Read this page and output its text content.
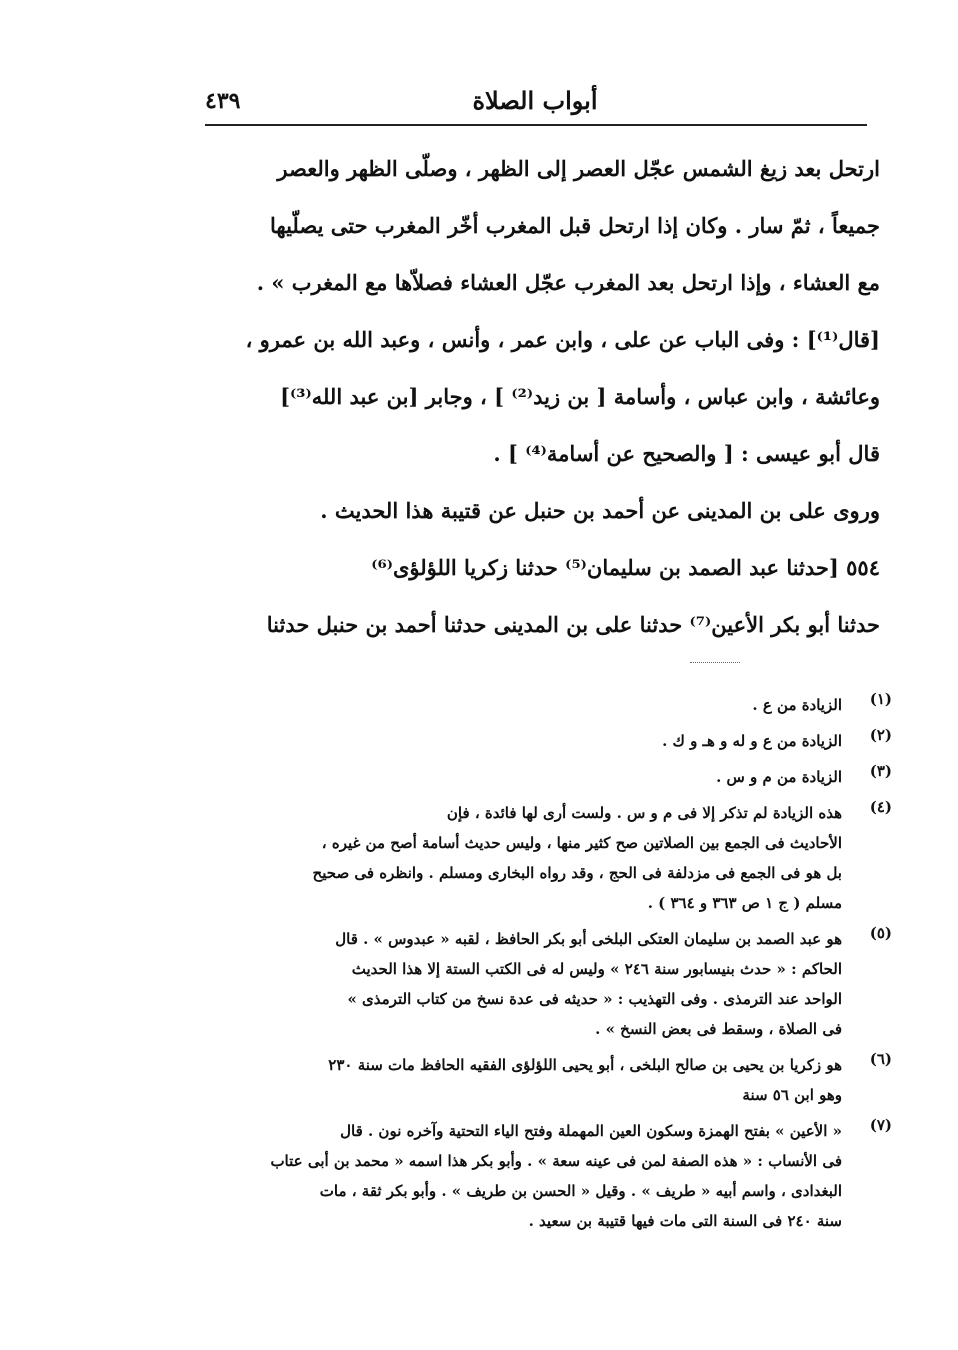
أبواب الصلاة
٤٣٩
ارتحل بعد زيغ الشمس عجّل العصر إلى الظهر ، وصلّى الظهر والعصر
جميعاً ، ثمّ سار . وكان إذا ارتحل قبل المغرب أخّر المغرب حتى يصلّيها
مع العشاء ، وإذا ارتحل بعد المغرب عجّل العشاء فصلاّها مع المغرب » .
[قال⁽¹⁾] : وفى الباب عن على ، وابن عمر ، وأنس ، وعبد الله بن عمرو ،
وعائشة ، وابن عباس ، وأسامة [ بن زيد⁽²⁾ ] ، وجابر [بن عبد الله⁽³⁾]
قال أبو عيسى : [ والصحيح عن أسامة⁽⁴⁾ ] .
وروى على بن المدينى عن أحمد بن حنبل عن قتيبة هذا الحديث .
٥٥٤ [حدثنا عبد الصمد بن سليمان⁽⁵⁾ حدثنا زكريا اللؤلؤى⁽⁶⁾
حدثنا أبو بكر الأعين⁽⁷⁾ حدثنا على بن المدينى حدثنا أحمد بن حنبل حدثنا
(١)
الزيادة من ع .
(٢)
الزيادة من ع و له و هـ و ك .
(٣)
الزيادة من م و س .
(٤)
هذه الزيادة لم تذكر إلا فى م و س . ولست أرى لها فائدة ، فإن
الأحاديث فى الجمع بين الصلاتين صح كثير منها ، وليس حديث أسامة أصح من غيره ،
بل هو فى الجمع فى مزدلفة فى الحج ، وقد رواه البخارى ومسلم . وانظره فى صحيح
مسلم ( ج ١ ص ٣٦٣ و ٣٦٤ ) .
(٥)
هو عبد الصمد بن سليمان العتكى البلخى أبو بكر الحافظ ، لقبه « عبدوس » . قال
الحاكم : « حدث بنيسابور سنة ٢٤٦ » وليس له فى الكتب الستة إلا هذا الحديث
الواحد عند الترمذى . وفى التهذيب : « حديثه فى عدة نسخ من كتاب الترمذى »
فى الصلاة ، وسقط فى بعض النسخ » .
(٦)
هو زكريا بن يحيى بن صالح البلخى ، أبو يحيى اللؤلؤى الفقيه الحافظ مات سنة ٢٣٠
وهو ابن ٥٦ سنة
(٧)
« الأعين » بفتح الهمزة وسكون العين المهملة وفتح الياء التحتية وآخره نون . قال
فى الأنساب : « هذه الصفة لمن فى عينه سعة » . وأبو بكر هذا اسمه « محمد بن أبى عتاب
البغدادى ، واسم أبيه « طريف » . وقيل « الحسن بن طريف » . وأبو بكر ثقة ، مات
سنة ٢٤٠ فى السنة التى مات فيها قتيبة بن سعيد .
